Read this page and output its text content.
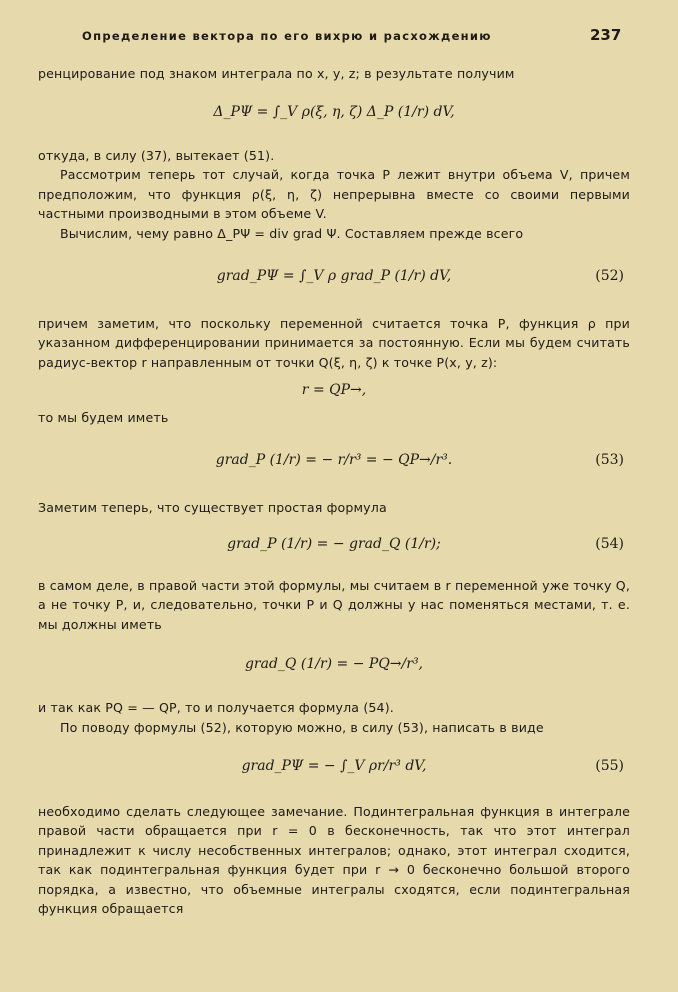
Определение вектора по его вихрю и расхождению	237

ренцирование под знаком интеграла по x, y, z; в результате получим

Δ_PΨ = ∫_V ρ(ξ, η, ζ) Δ_P (1/r) dV,

откуда, в силу (37), вытекает (51).

Рассмотрим теперь тот случай, когда точка P лежит внутри объема V, причем предположим, что функция ρ(ξ, η, ζ) непрерывна вместе со своими первыми частными производными в этом объеме V.

Вычислим, чему равно Δ_PΨ = div grad Ψ. Составляем прежде всего

grad_PΨ = ∫_V ρ grad_P (1/r) dV,	(52)

причем заметим, что поскольку переменной считается точка P, функция ρ при указанном дифференцировании принимается за постоянную. Если мы будем считать радиус-вектор r направленным от точки Q(ξ, η, ζ) к точке P(x, y, z):

r = QP→,

то мы будем иметь

grad_P (1/r) = − r/r³ = − QP→/r³.	(53)

Заметим теперь, что существует простая формула

grad_P (1/r) = − grad_Q (1/r);	(54)

в самом деле, в правой части этой формулы, мы считаем в r переменной уже точку Q, а не точку P, и, следовательно, точки P и Q должны у нас поменяться местами, т. е. мы должны иметь

grad_Q (1/r) = − PQ→/r³,

и так как PQ = — QP, то и получается формула (54).

По поводу формулы (52), которую можно, в силу (53), написать в виде

grad_PΨ = − ∫_V ρr/r³ dV,	(55)

необходимо сделать следующее замечание. Подинтегральная функция в интеграле правой части обращается при r = 0 в бесконечность, так что этот интеграл принадлежит к числу несобственных интегралов; однако, этот интеграл сходится, так как подинтегральная функция будет при r → 0 бесконечно большой второго порядка, а известно, что объемные интегралы сходятся, если подинтегральная функция обращается
